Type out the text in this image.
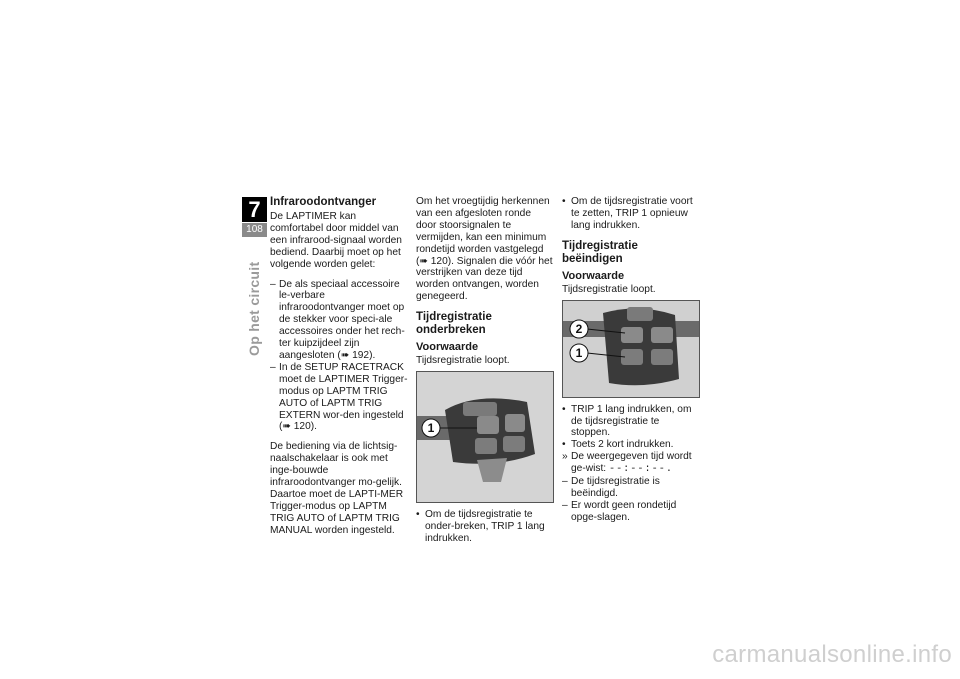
7
108
Op het circuit
Infraroodontvanger

De LAPTIMER kan comfortabel door middel van een infrarood-signaal worden bediend. Daarbij moet op het volgende worden gelet:

– De als speciaal accessoire le-verbare infraroodontvanger moet op de stekker voor speci-ale accessoires onder het rech-ter kuipzijdeel zijn aangesloten (➠ 192).
– In de SETUP RACETRACK moet de LAPTIMER Trigger-modus op LAPTM TRIG AUTO of LAPTM TRIG EXTERN wor-den ingesteld (➠ 120).

De bediening via de lichtsig-naalschakelaar is ook met inge-bouwde infraroodontvanger mo-gelijk. Daartoe moet de LAPTI-MER Trigger-modus op LAPTM TRIG AUTO of LAPTM TRIG MANUAL worden ingesteld.

Om het vroegtijdig herkennen van een afgesloten ronde door stoorsignalen te vermijden, kan een minimum rondetijd worden vastgelegd (➠ 120). Signalen die vóór het verstrijken van deze tijd worden ontvangen, worden genegeerd.

Tijdregistratie onderbreken
Voorwaarde

Tijdsregistratie loopt.

1
• Om de tijdsregistratie te onder-breken, TRIP 1 lang indrukken.
• Om de tijdsregistratie voort te zetten, TRIP 1 opnieuw lang indrukken.
Tijdregistratie beëindigen
Voorwaarde

Tijdsregistratie loopt.

2
1
• TRIP 1 lang indrukken, om de tijdsregistratie te stoppen.
• Toets 2 kort indrukken.
» De weergegeven tijd wordt ge-wist: --:--:--.
– De tijdsregistratie is beëindigd.
– Er wordt geen rondetijd opge-slagen.
carmanualsonline.info
